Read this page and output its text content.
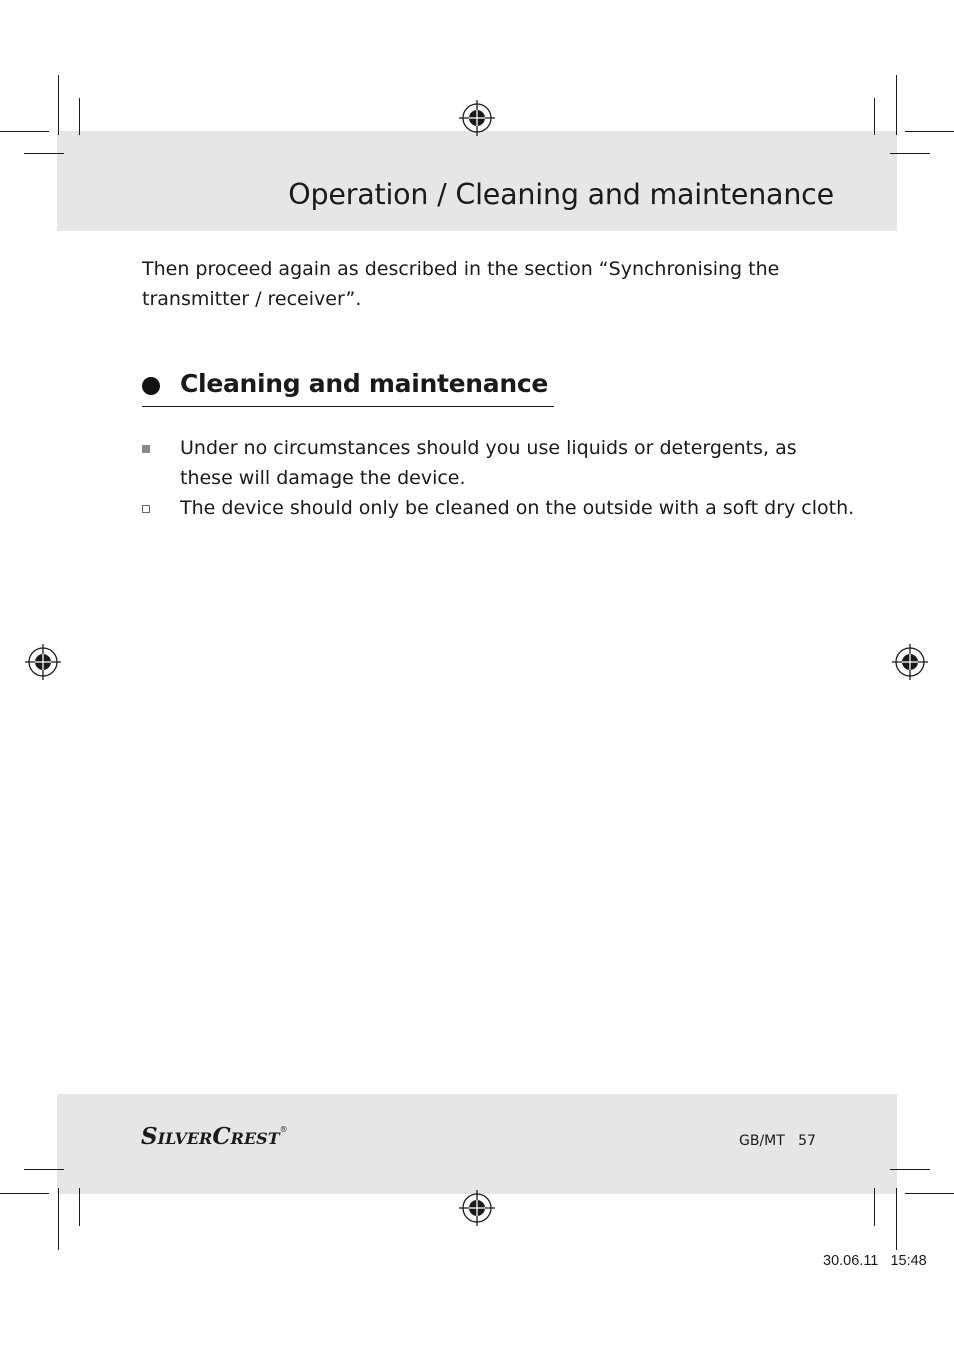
Operation / Cleaning and maintenance

Then proceed again as described in the section “Synchronising the transmitter / receiver”.

Cleaning and maintenance
Under no circumstances should you use liquids or detergents, as
these will damage the device.
The device should only be cleaned on the outside with a soft dry cloth.
SilverCrest®
GB/MT   57
30.06.11   15:48
